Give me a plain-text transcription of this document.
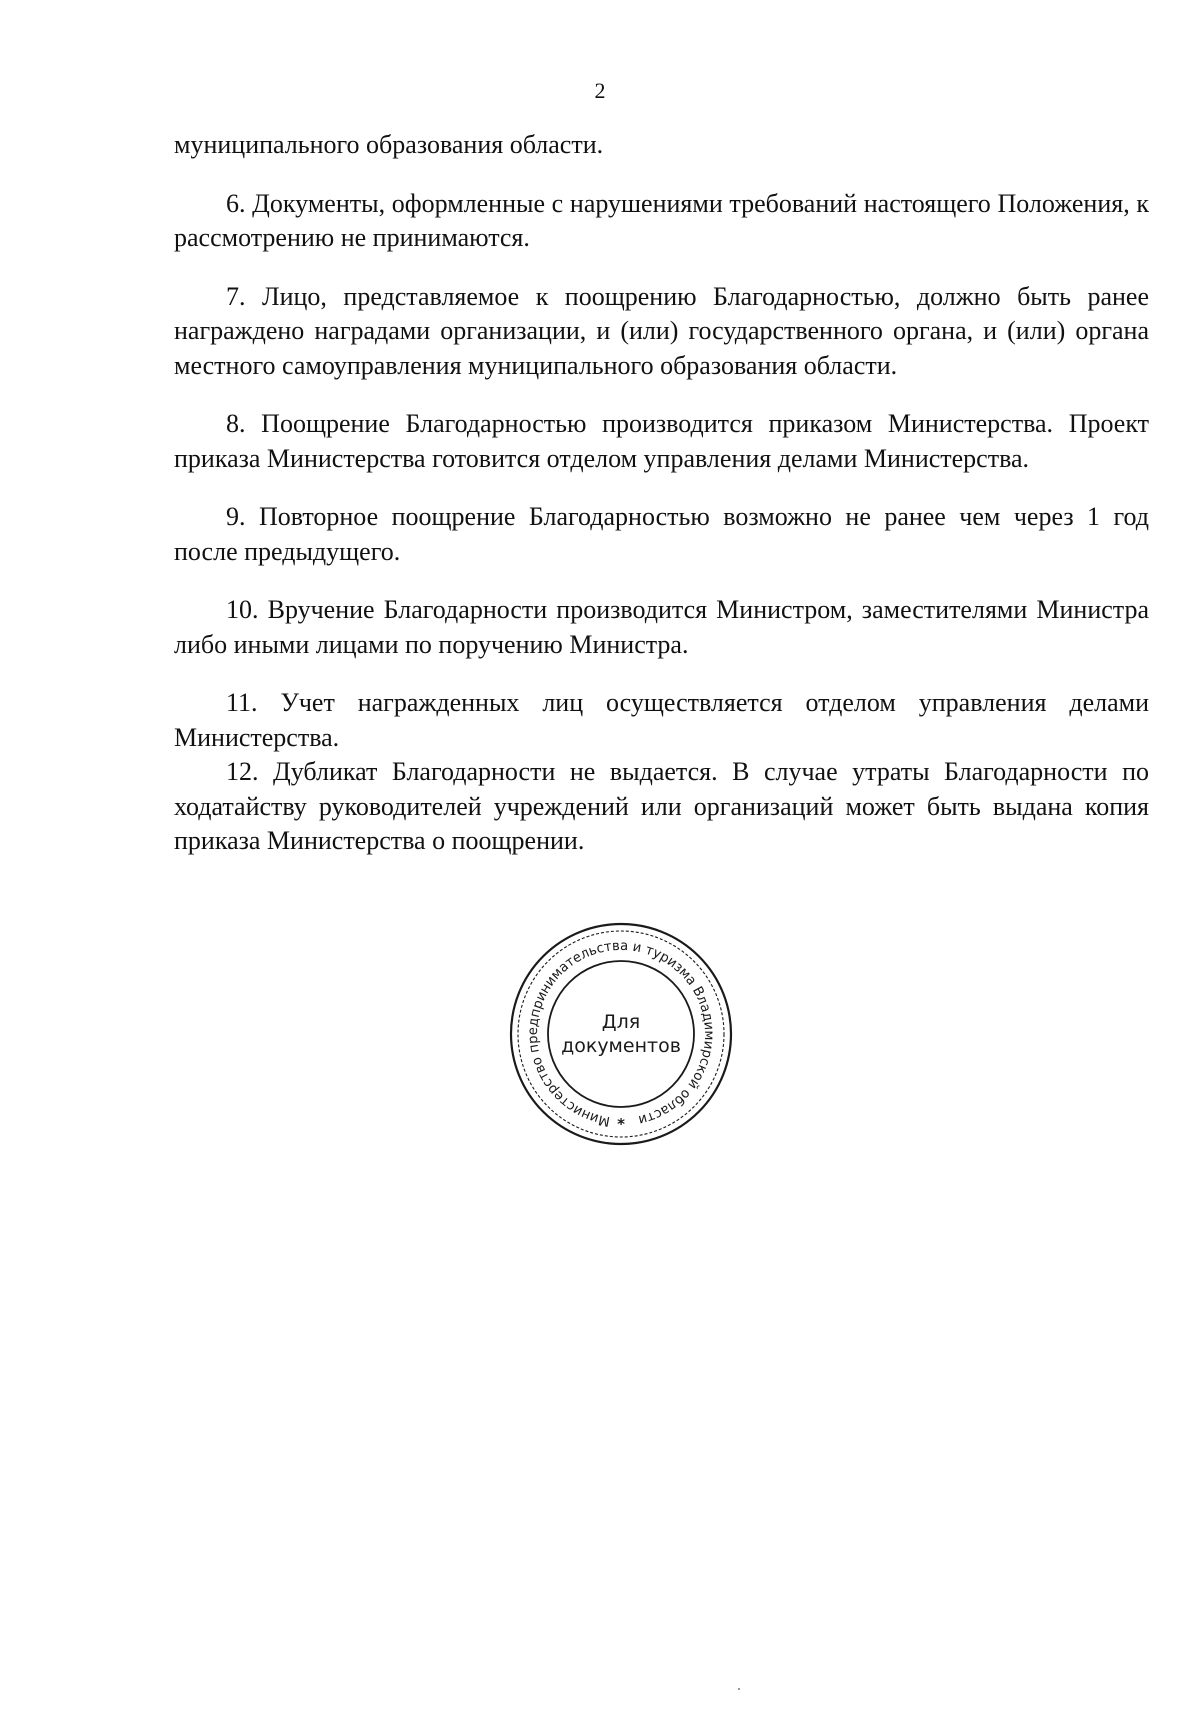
2

муниципального образования области.

6. Документы, оформленные с нарушениями требований настоящего Положения, к рассмотрению не принимаются.

7. Лицо, представляемое к поощрению Благодарностью, должно быть ранее награждено наградами организации, и (или) государственного органа, и (или) органа местного самоуправления муниципального образования области.

8. Поощрение Благодарностью производится приказом Министерства. Проект приказа Министерства готовится отделом управления делами Министерства.

9. Повторное поощрение Благодарностью возможно не ранее чем через 1 год после предыдущего.

10. Вручение Благодарности производится Министром, заместителями Министра либо иными лицами по поручению Министра.

11. Учет награжденных лиц осуществляется отделом управления делами Министерства.

12. Дубликат Благодарности не выдается. В случае утраты Благодарности по ходатайству руководителей учреждений или организаций может быть выдана копия приказа Министерства о поощрении.

Министерство предпринимательства и туризма Владимирской области
*
Для
документов
